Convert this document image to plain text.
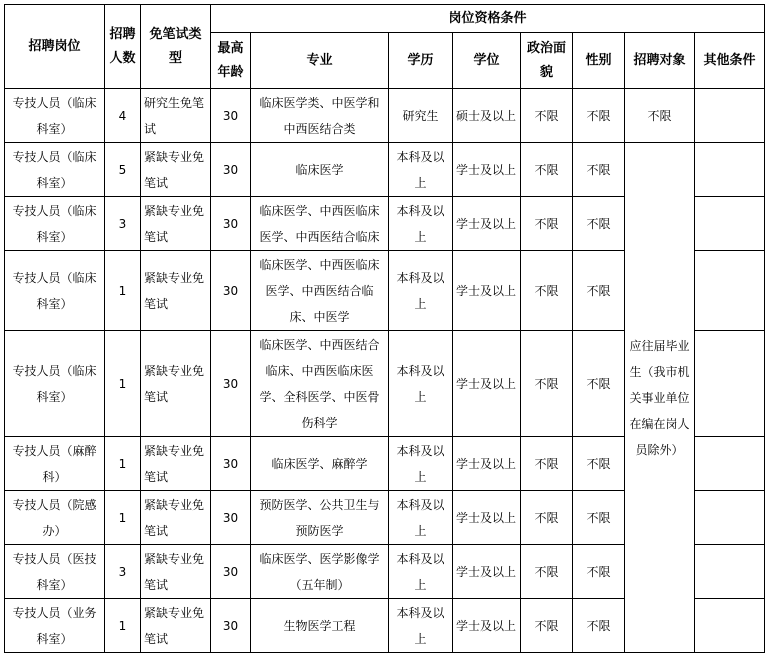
招聘岗位	招聘人数	免笔试类型	岗位资格条件							
			最高年龄	专业	学历	学位	政治面貌	性别	招聘对象	其他条件
专技人员（临床科室）	4	研究生免笔试	30	临床医学类、中医学和中西医结合类	研究生	硕士及以上	不限	不限	不限	
专技人员（临床科室）	5	紧缺专业免笔试	30	临床医学	本科及以上	学士及以上	不限	不限	应往届毕业生（我市机关事业单位在编在岗人员除外）	
专技人员（临床科室）	3	紧缺专业免笔试	30	临床医学、中西医临床医学、中西医结合临床	本科及以上	学士及以上	不限	不限		
专技人员（临床科室）	1	紧缺专业免笔试	30	临床医学、中西医临床医学、中西医结合临床、中医学	本科及以上	学士及以上	不限	不限		
专技人员（临床科室）	1	紧缺专业免笔试	30	临床医学、中西医结合临床、中西医临床医学、全科医学、中医骨伤科学	本科及以上	学士及以上	不限	不限		
专技人员（麻醉科）	1	紧缺专业免笔试	30	临床医学、麻醉学	本科及以上	学士及以上	不限	不限		
专技人员（院感办）	1	紧缺专业免笔试	30	预防医学、公共卫生与预防医学	本科及以上	学士及以上	不限	不限		
专技人员（医技科室）	3	紧缺专业免笔试	30	临床医学、医学影像学（五年制）	本科及以上	学士及以上	不限	不限		
专技人员（业务科室）	1	紧缺专业免笔试	30	生物医学工程	本科及以上	学士及以上	不限	不限		
